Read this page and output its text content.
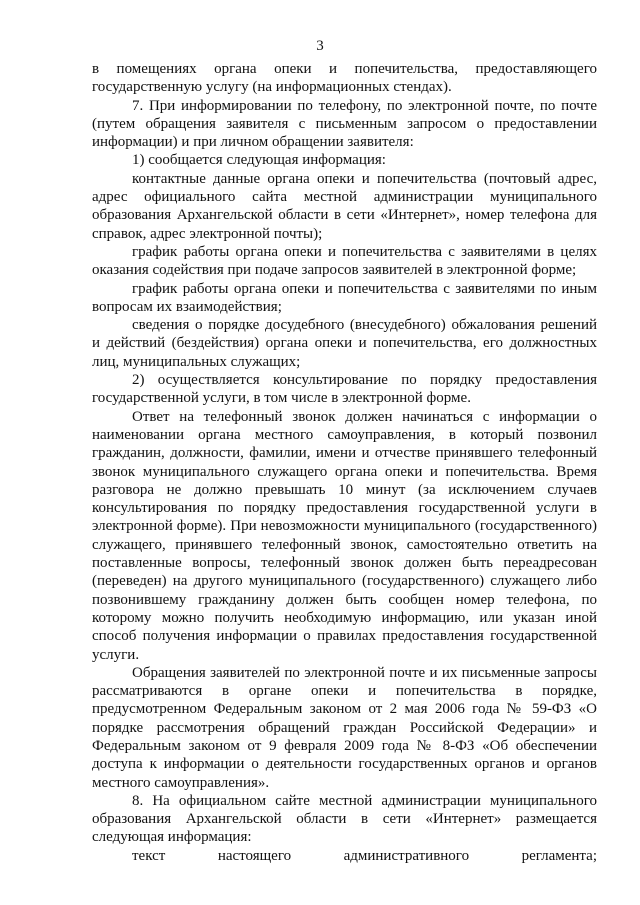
3

в помещениях органа опеки и попечительства, предоставляющего государственную услугу (на информационных стендах).

7. При информировании по телефону, по электронной почте, по почте (путем обращения заявителя с письменным запросом о предоставлении информации) и при личном обращении заявителя:

1) сообщается следующая информация:

контактные данные органа опеки и попечительства (почтовый адрес, адрес официального сайта местной администрации муниципального образования Архангельской области в сети «Интернет», номер телефона для справок, адрес электронной почты);

график работы органа опеки и попечительства с заявителями в целях оказания содействия при подаче запросов заявителей в электронной форме;

график работы органа опеки и попечительства с заявителями по иным вопросам их взаимодействия;

сведения о порядке досудебного (внесудебного) обжалования решений и действий (бездействия) органа опеки и попечительства, его должностных лиц, муниципальных служащих;

2) осуществляется консультирование по порядку предоставления государственной услуги, в том числе в электронной форме.

Ответ на телефонный звонок должен начинаться с информации о наименовании органа местного самоуправления, в который позвонил гражданин, должности, фамилии, имени и отчестве принявшего телефонный звонок муниципального служащего органа опеки и попечительства. Время разговора не должно превышать 10 минут (за исключением случаев консультирования по порядку предоставления государственной услуги в электронной форме). При невозможности муниципального (государственного) служащего, принявшего телефонный звонок, самостоятельно ответить на поставленные вопросы, телефонный звонок должен быть переадресован (переведен) на другого муниципального (государственного) служащего либо позвонившему гражданину должен быть сообщен номер телефона, по которому можно получить необходимую информацию, или указан иной способ получения информации о правилах предоставления государственной услуги.

Обращения заявителей по электронной почте и их письменные запросы рассматриваются в органе опеки и попечительства в порядке, предусмотренном Федеральным законом от 2 мая 2006 года № 59-ФЗ «О порядке рассмотрения обращений граждан Российской Федерации» и Федеральным законом от 9 февраля 2009 года № 8-ФЗ «Об обеспечении доступа к информации о деятельности государственных органов и органов местного самоуправления».

8. На официальном сайте местной администрации муниципального образования Архангельской области в сети «Интернет» размещается следующая информация:

текст настоящего административного регламента;
